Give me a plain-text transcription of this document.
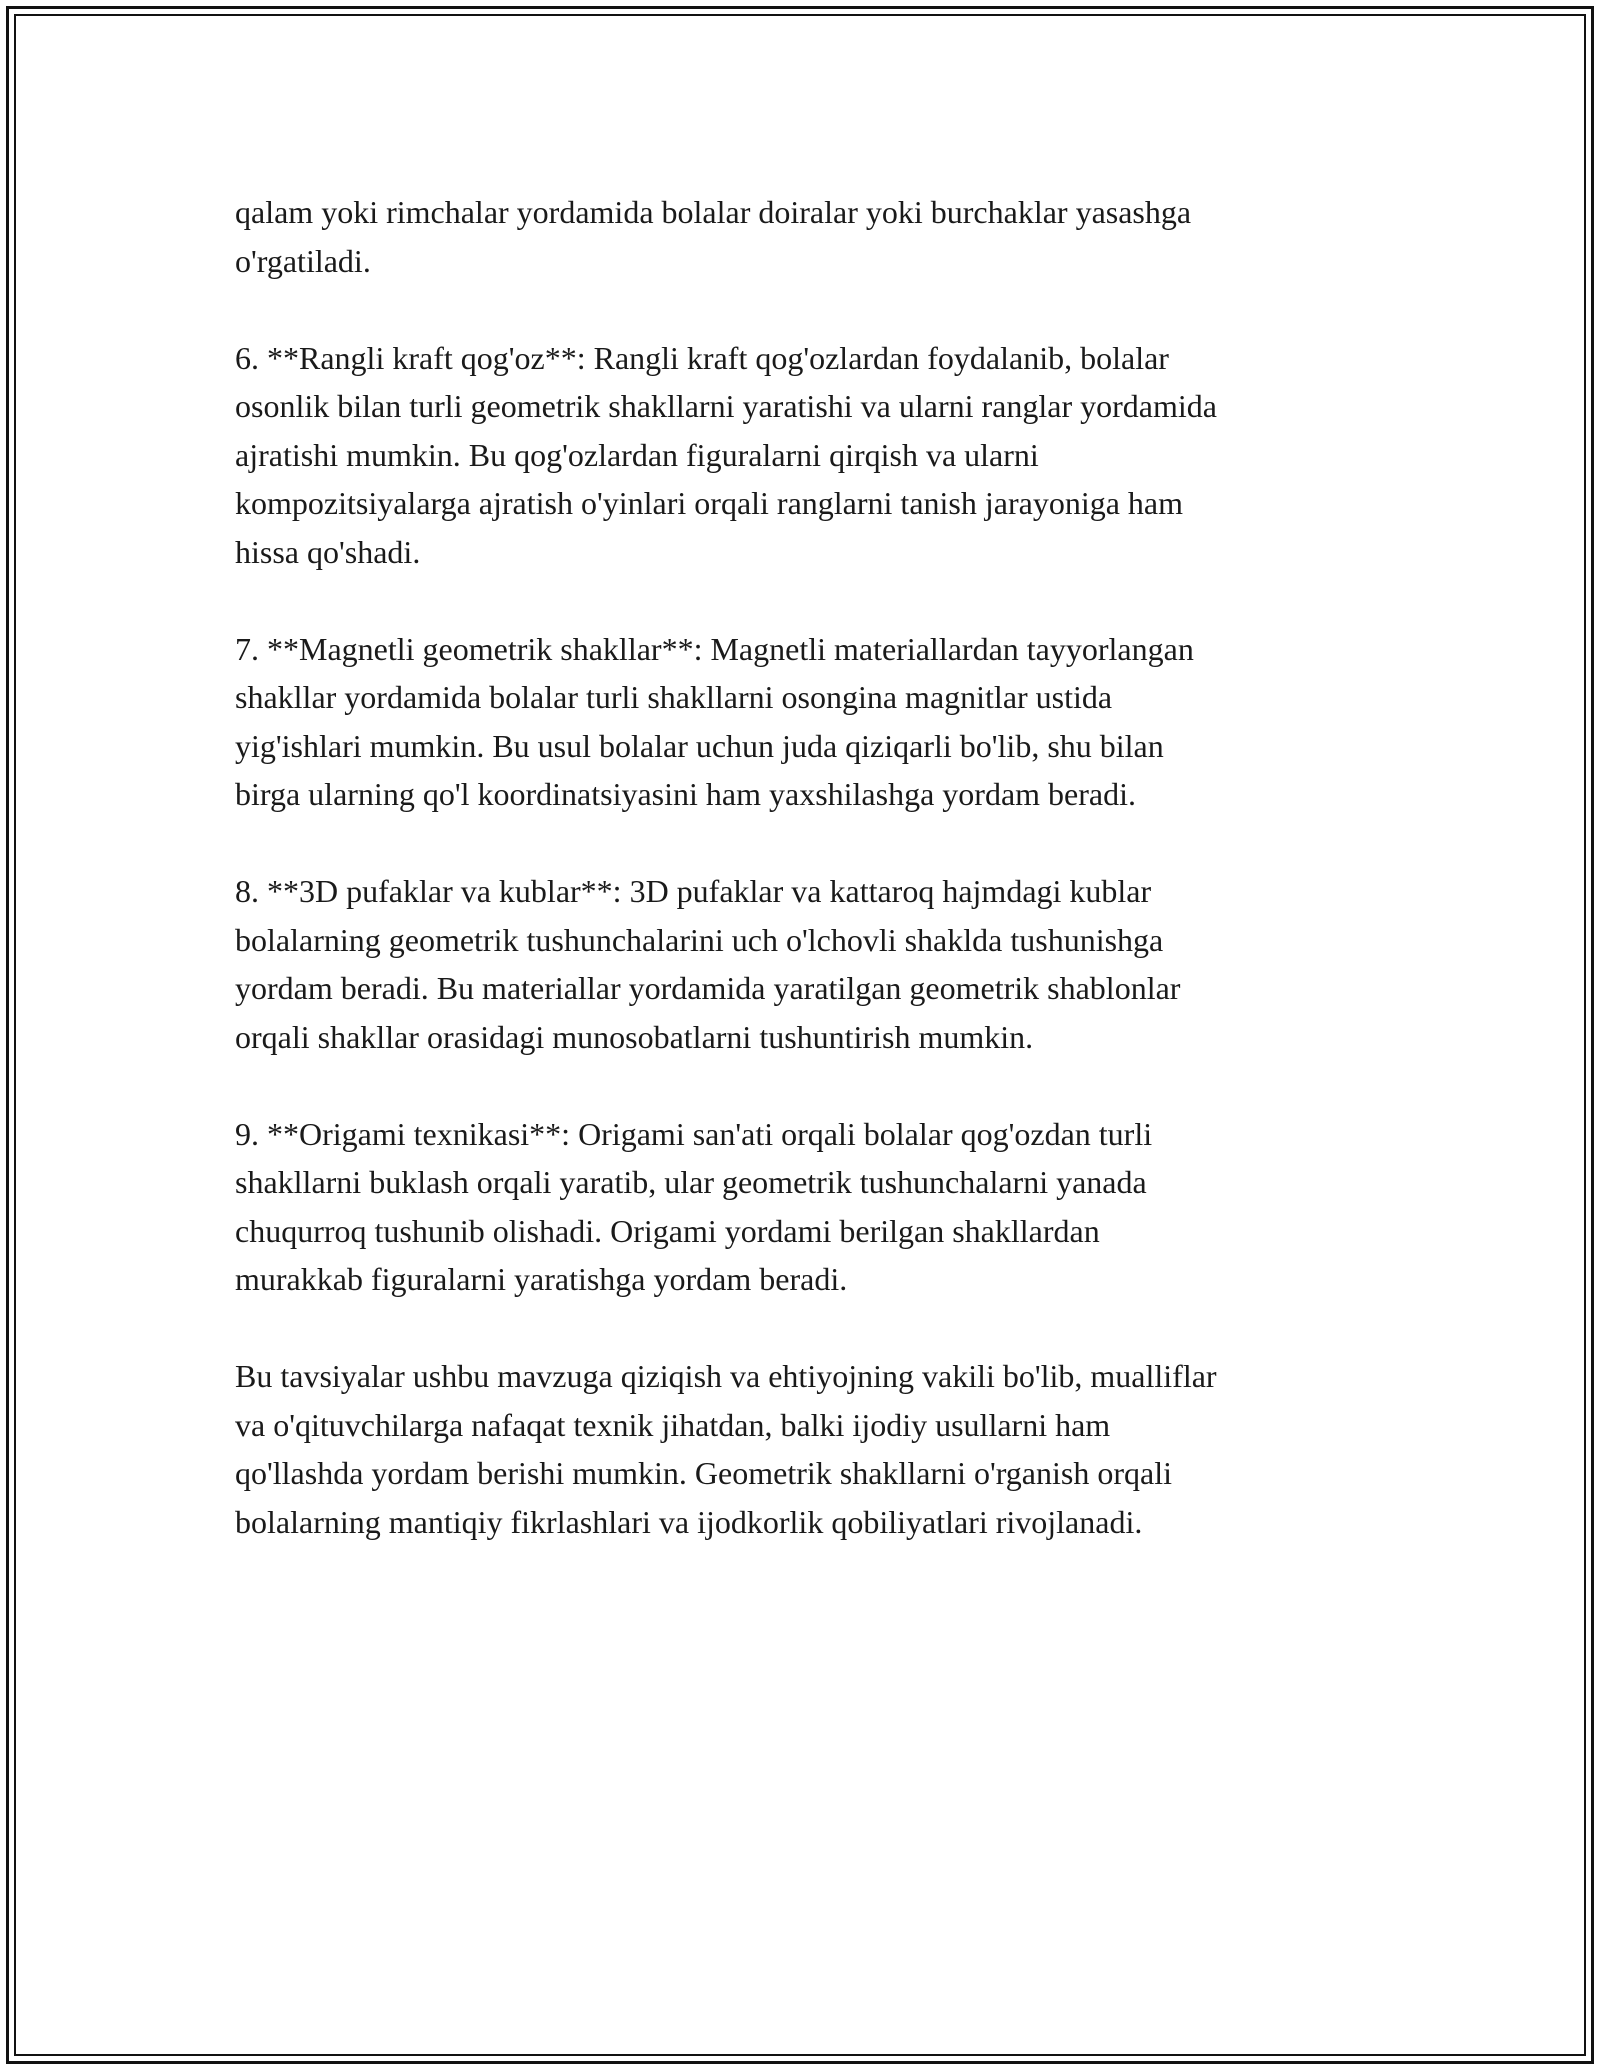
qalam yoki rimchalar yordamida bolalar doiralar yoki burchaklar yasashga
o'rgatiladi.

6. **Rangli kraft qog'oz**: Rangli kraft qog'ozlardan foydalanib, bolalar
osonlik bilan turli geometrik shakllarni yaratishi va ularni ranglar yordamida
ajratishi mumkin. Bu qog'ozlardan figuralarni qirqish va ularni
kompozitsiyalarga ajratish o'yinlari orqali ranglarni tanish jarayoniga ham
hissa qo'shadi.

7. **Magnetli geometrik shakllar**: Magnetli materiallardan tayyorlangan
shakllar yordamida bolalar turli shakllarni osongina magnitlar ustida
yig'ishlari mumkin. Bu usul bolalar uchun juda qiziqarli bo'lib, shu bilan
birga ularning qo'l koordinatsiyasini ham yaxshilashga yordam beradi.

8. **3D pufaklar va kublar**: 3D pufaklar va kattaroq hajmdagi kublar
bolalarning geometrik tushunchalarini uch o'lchovli shaklda tushunishga
yordam beradi. Bu materiallar yordamida yaratilgan geometrik shablonlar
orqali shakllar orasidagi munosobatlarni tushuntirish mumkin.

9. **Origami texnikasi**: Origami san'ati orqali bolalar qog'ozdan turli
shakllarni buklash orqali yaratib, ular geometrik tushunchalarni yanada
chuqurroq tushunib olishadi. Origami yordami berilgan shakllardan
murakkab figuralarni yaratishga yordam beradi.

Bu tavsiyalar ushbu mavzuga qiziqish va ehtiyojning vakili bo'lib, mualliflar
va o'qituvchilarga nafaqat texnik jihatdan, balki ijodiy usullarni ham
qo'llashda yordam berishi mumkin. Geometrik shakllarni o'rganish orqali
bolalarning mantiqiy fikrlashlari va ijodkorlik qobiliyatlari rivojlanadi.
